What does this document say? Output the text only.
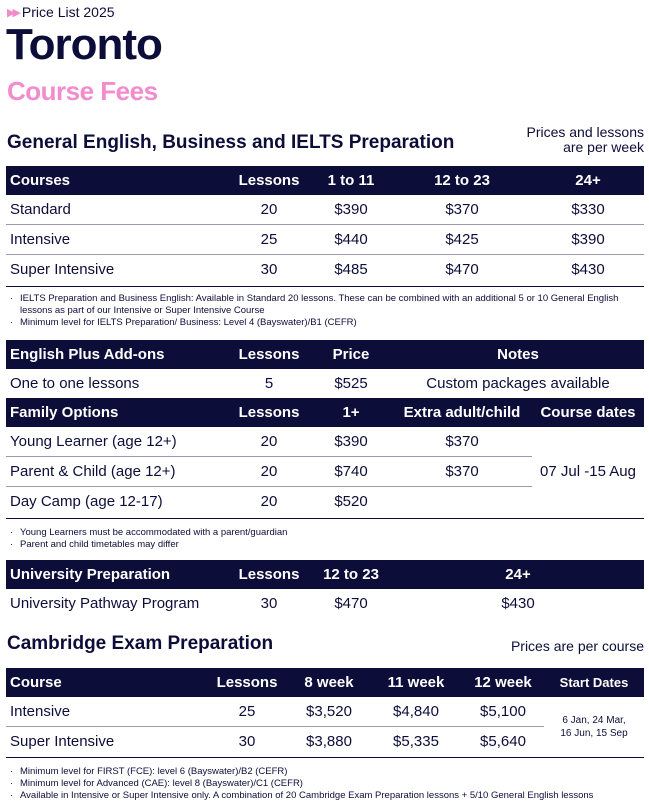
▶▶ Price List 2025
Toronto
Course Fees
General English, Business and IELTS Preparation	Prices and lessons
are per week
Courses	Lessons	1 to 11	12 to 23	24+
Standard	20	$390	$370	$330
Intensive	25	$440	$425	$390
Super Intensive	30	$485	$470	$430
· IELTS Preparation and Business English: Available in Standard 20 lessons. These can be combined with an additional 5 or 10 General English lessons as part of our Intensive or Super Intensive Course
· Minimum level for IELTS Preparation/ Business: Level 4 (Bayswater)/B1 (CEFR)
English Plus Add-ons	Lessons	Price	Notes	
One to one lessons	5	$525	Custom packages available	
Family Options	Lessons	1+	Extra adult/child	Course dates
Young Learner (age 12+)	20	$390	$370	07 Jul -15 Aug
Parent & Child (age 12+)	20	$740	$370	
Day Camp (age 12-17)	20	$520		
· Young Learners must be accommodated with a parent/guardian
· Parent and child timetables may differ
University Preparation	Lessons	12 to 23	24+
University Pathway Program	30	$470	$430
Cambridge Exam Preparation	Prices are per course
Course	Lessons	8 week	11 week	12 week	Start Dates
Intensive	25	$3,520	$4,840	$5,100	6 Jan, 24 Mar,
16 Jun, 15 Sep

Super Intensive	30	$3,880	$5,335	$5,640	
· Minimum level for FIRST (FCE): level 6 (Bayswater)/B2 (CEFR)
· Minimum level for Advanced (CAE): level 8 (Bayswater)/C1 (CEFR)
· Available in Intensive or Super Intensive only. A combination of 20 Cambridge Exam Preparation lessons + 5/10 General English lessons
